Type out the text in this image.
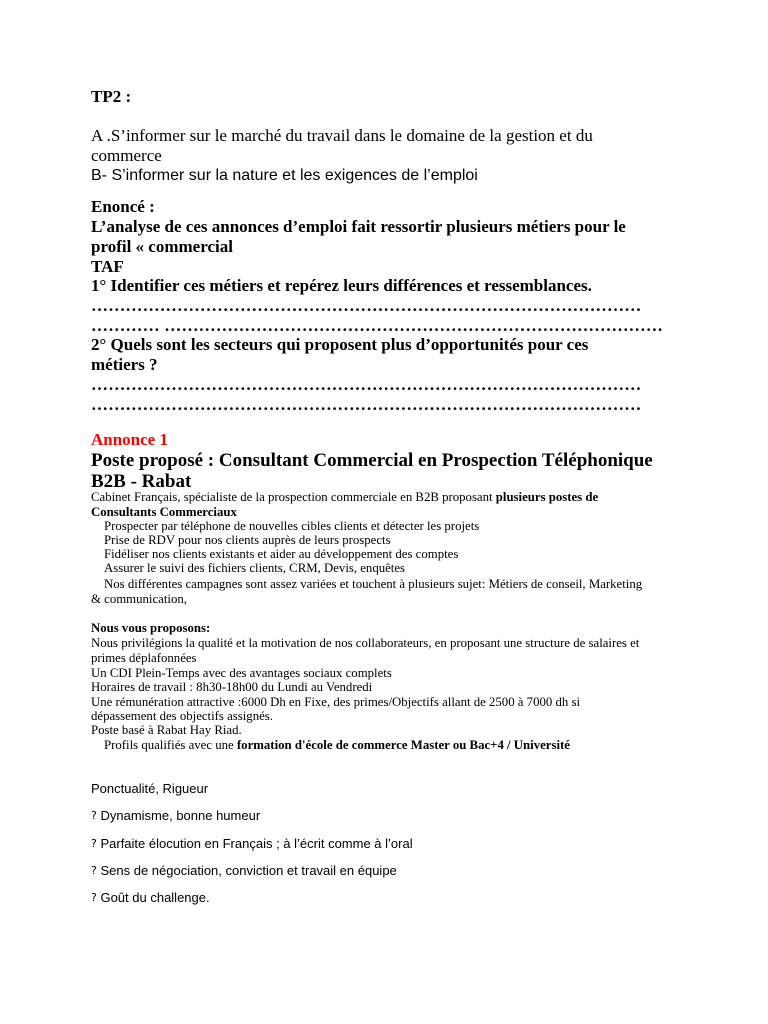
TP2 :
A .S’informer sur le marché du travail dans le domaine de la gestion et du
commerce
B- S’informer sur la nature et les exigences de l’emploi
Enoncé :
L’analyse de ces annonces d’emploi fait ressortir plusieurs métiers pour le
profil « commercial
TAF
1° Identifier ces métiers et repérez leurs différences et ressemblances.
……………………………………………………………………………………
………… ……………………………………………………………………………
2° Quels sont les secteurs qui proposent plus d’opportunités pour ces
métiers ?
……………………………………………………………………………………
……………………………………………………………………………………
Annonce 1
Poste proposé : Consultant Commercial en Prospection Téléphonique
B2B - Rabat
Cabinet Français, spécialiste de la prospection commerciale en B2B proposant plusieurs postes de
Consultants Commerciaux
Prospecter par téléphone de nouvelles cibles clients et détecter les projets
Prise de RDV pour nos clients auprès de leurs prospects
Fidéliser nos clients existants et aider au développement des comptes
Assurer le suivi des fichiers clients, CRM, Devis, enquêtes
Nos différentes campagnes sont assez variées et touchent à plusieurs sujet: Métiers de conseil, Marketing
& communication,
Nous vous proposons:
Nous privilégions la qualité et la motivation de nos collaborateurs, en proposant une structure de salaires et
primes déplafonnées
Un CDI Plein-Temps avec des avantages sociaux complets
Horaires de travail : 8h30-18h00 du Lundi au Vendredi
Une rémunération attractive :6000 Dh en Fixe, des primes/Objectifs allant de 2500 à 7000 dh si
dépassement des objectifs assignés.
Poste basé à Rabat Hay Riad.
Profils qualifiés avec une formation d'école de commerce Master ou Bac+4 / Université
Ponctualité, Rigueur
? Dynamisme, bonne humeur
? Parfaite élocution en Français ; à l’écrit comme à l’oral
? Sens de négociation, conviction et travail en équipe
? Goût du challenge.
